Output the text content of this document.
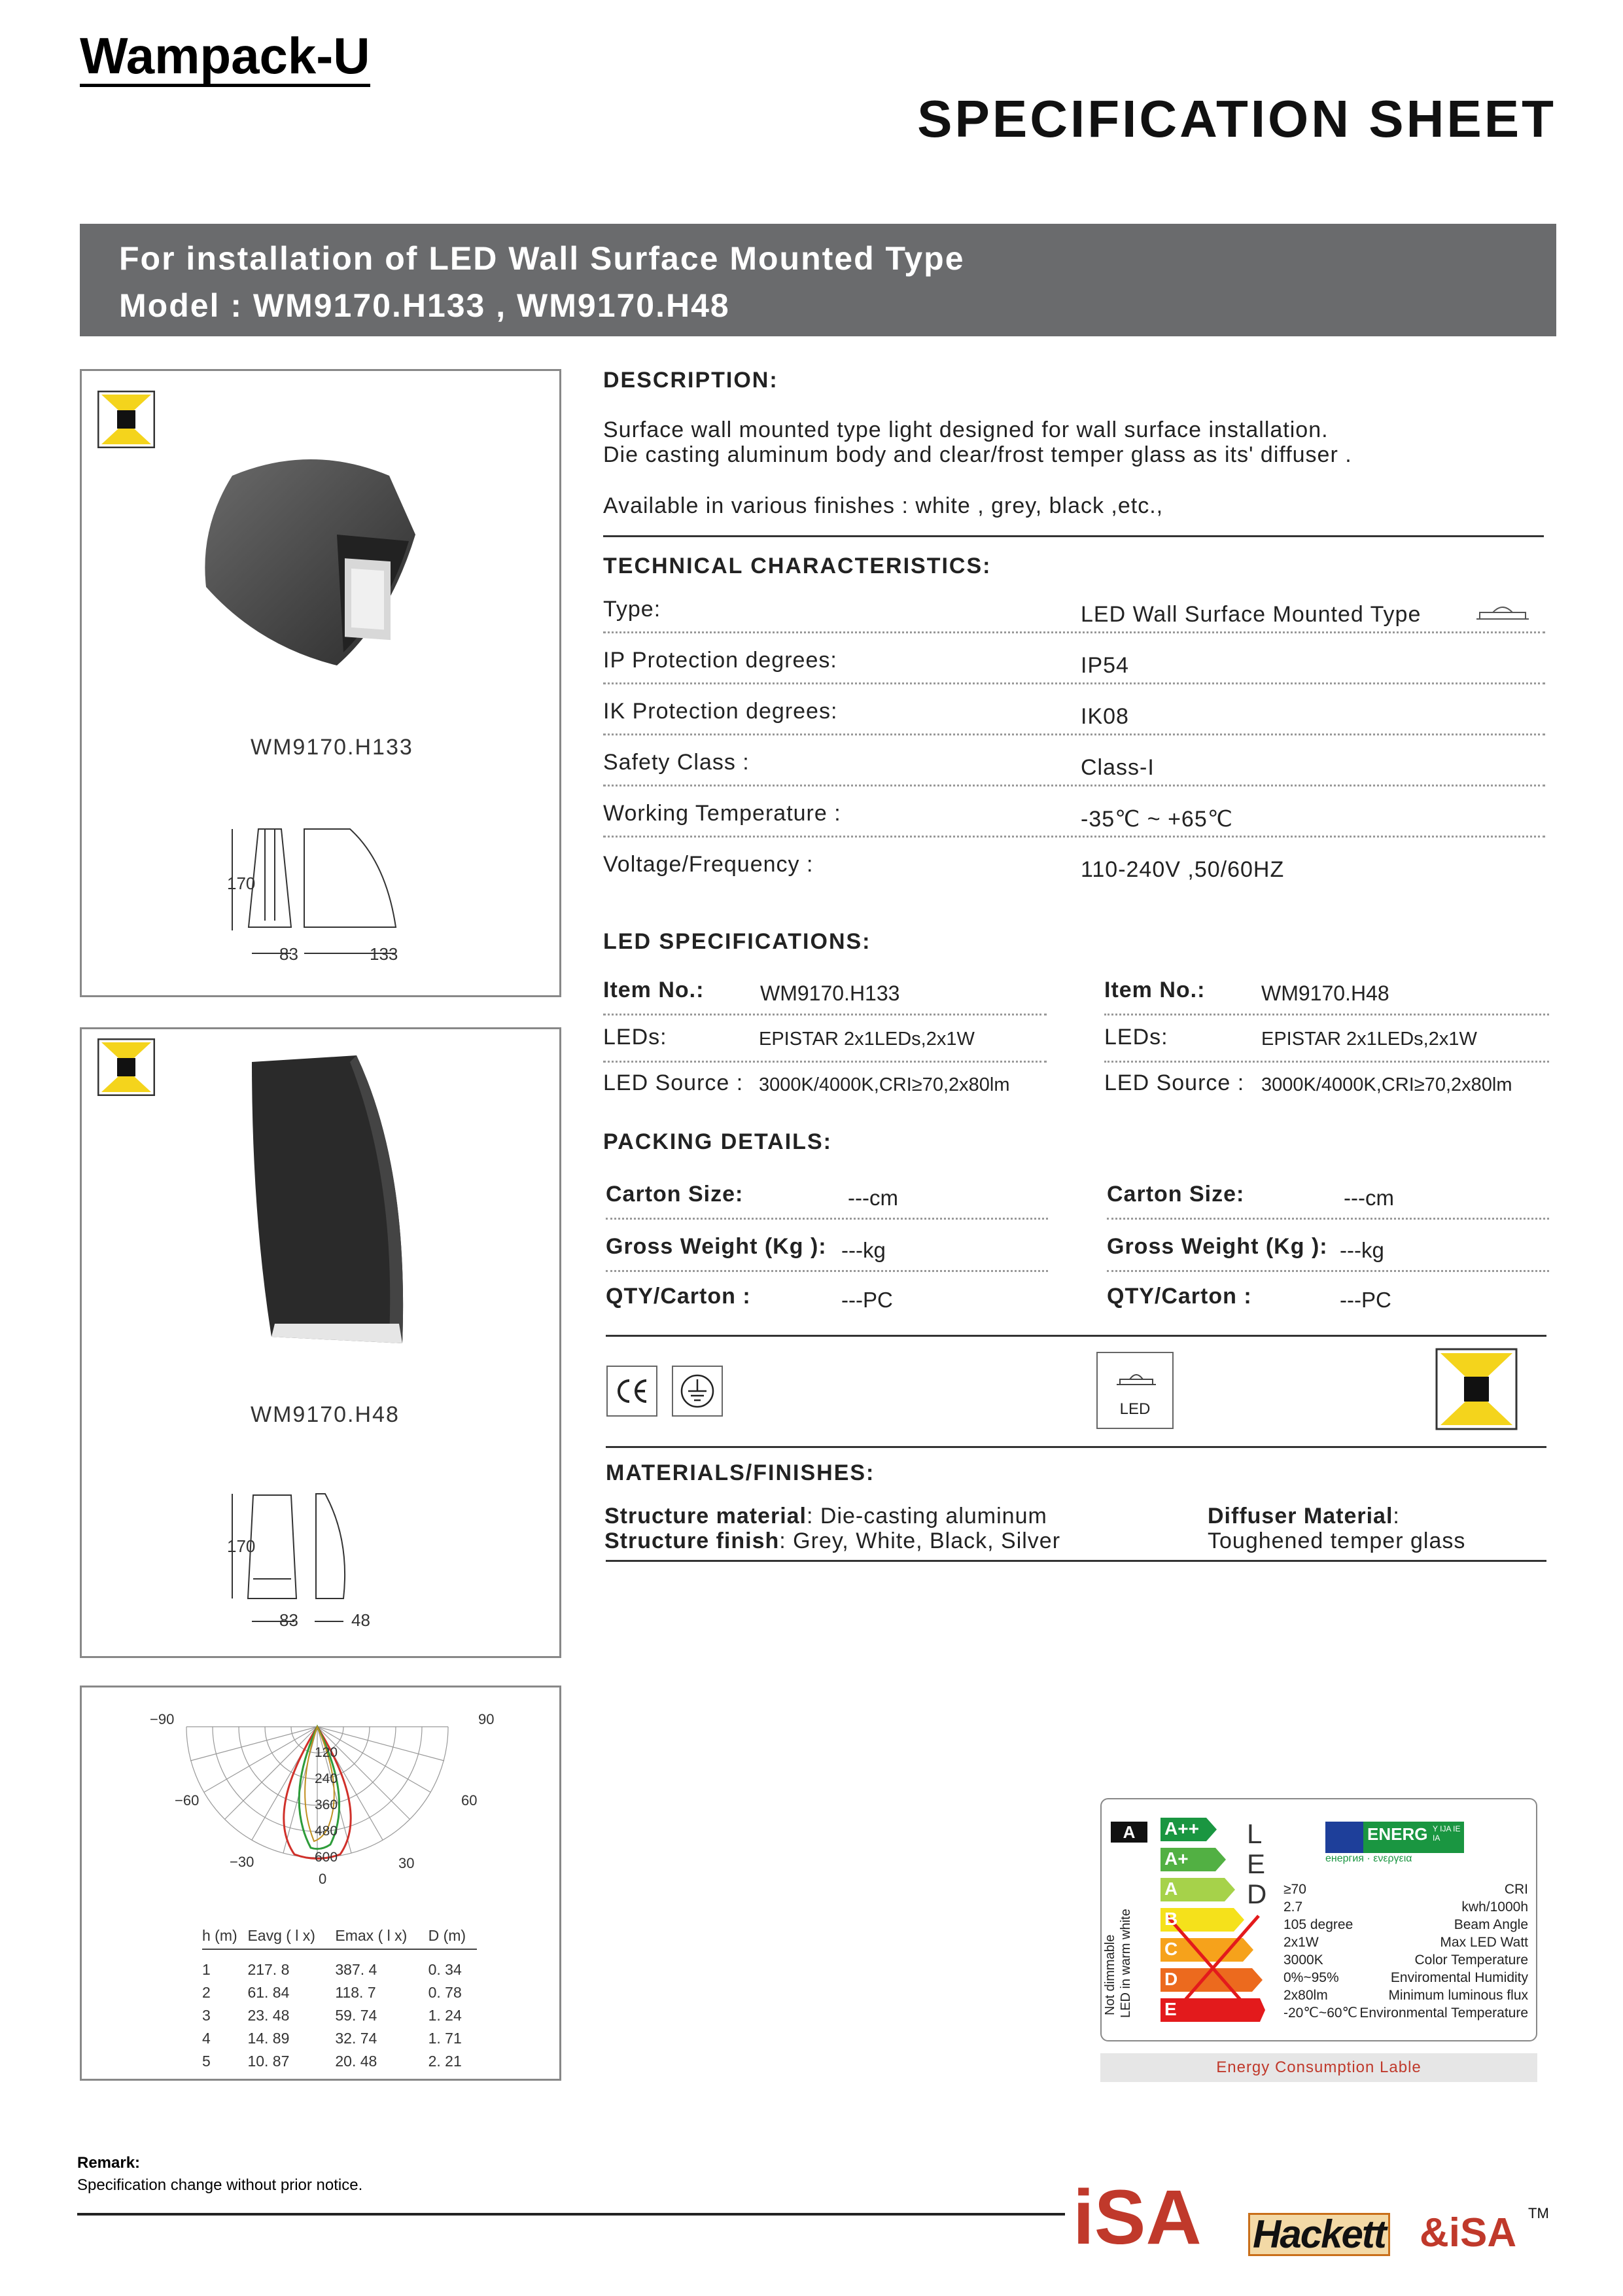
Wampack-U
SPECIFICATION SHEET
For installation of LED Wall Surface Mounted Type
Model : WM9170.H133 , WM9170.H48
WM9170.H133
170
83	133
WM9170.H48
170
83	48
−90	90
−60	60
−30	30
0
120
240
360
480
600
h (m)	Eavg ( l x)	Emax ( l x)	D (m)

1	217. 8	387. 4	0. 34
2	61. 84	118. 7	0. 78
3	23. 48	59. 74	1. 24
4	14. 89	32. 74	1. 71
5	10. 87	20. 48	2. 21
DESCRIPTION:
Surface wall mounted type light designed for wall surface installation.
Die casting aluminum body and clear/frost temper glass as its' diffuser .
Available in various finishes : white , grey, black ,etc.,
TECHNICAL CHARACTERISTICS:
Type:	LED Wall Surface Mounted Type
IP Protection degrees:	IP54
IK Protection degrees:	IK08
Safety Class :	Class-I
Working Temperature :	-35℃ ~ +65℃
Voltage/Frequency :	110-240V ,50/60HZ
LED SPECIFICATIONS:
Item No.:	WM9170.H133
LEDs:	EPISTAR 2x1LEDs,2x1W
LED Source : 3000K/4000K,CRI≥70,2x80lm
Item No.:	WM9170.H48
LEDs:	EPISTAR 2x1LEDs,2x1W
LED Source : 3000K/4000K,CRI≥70,2x80lm
PACKING DETAILS:
Carton Size:	---cm
Gross Weight (Kg ): ---kg
QTY/Carton :	---PC
Carton Size:	---cm
Gross Weight (Kg ): ---kg
QTY/Carton :	---PC
LED
MATERIALS/FINISHES:
Structure material: Die-casting aluminum
Structure finish: Grey, White, Black, Silver
Diffuser Material:
Toughened temper glass
A
Not dimmable LED in warm white
A++
A+
A
B
C
D
E
L
E
D
ENERG Y IJA IE IA
енергия · ενεργεια
≥70	CRI
2.7	kwh/1000h
105 degree	Beam Angle
2x1W	Max LED Watt
3000K	Color Temperature
0%~95%	Enviromental Humidity
2x80lm	Minimum luminous flux
-20℃~60℃ Environmental Temperature
Energy Consumption Lable
Remark:
Specification change without prior notice.	iSA Hackett &iSA TM
